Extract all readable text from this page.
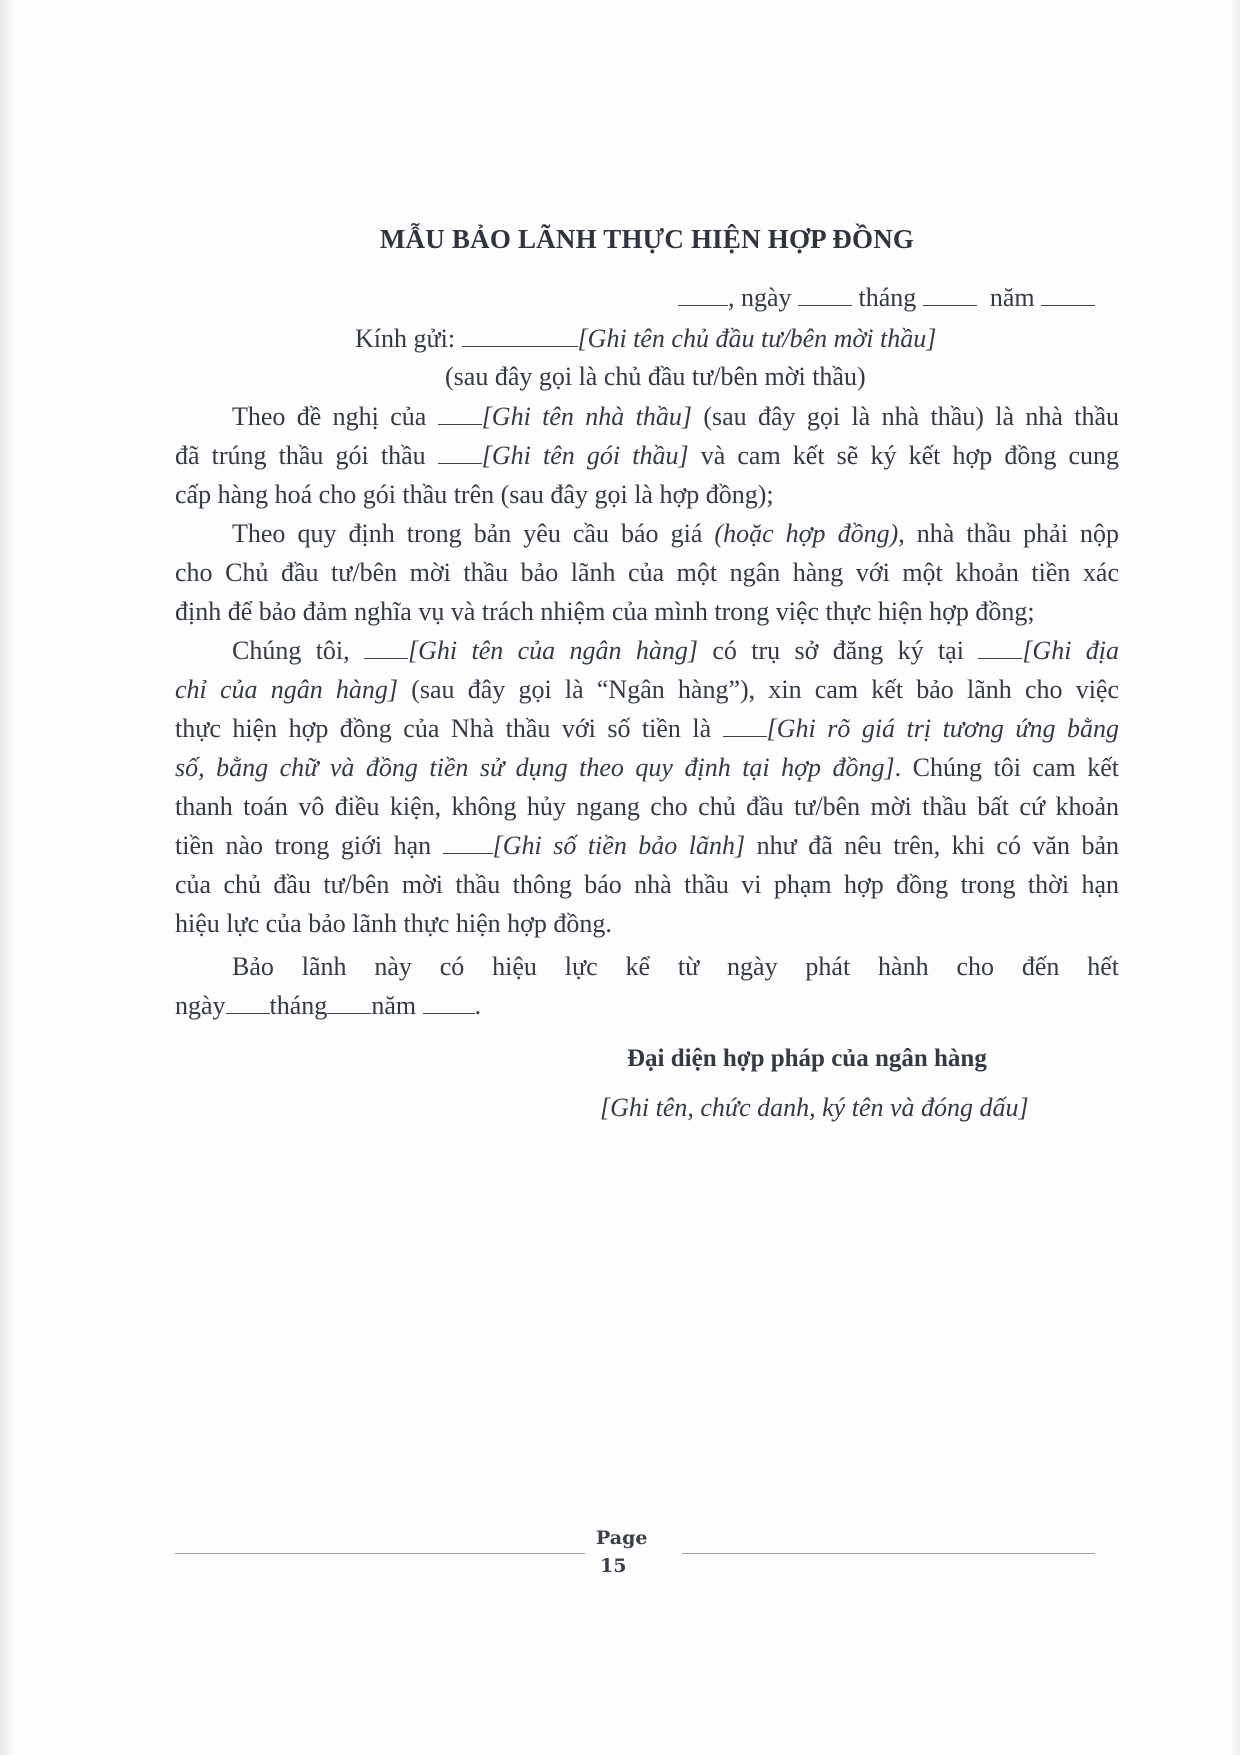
MẪU BẢO LÃNH THỰC HIỆN HỢP ĐỒNG
, ngày	tháng	năm
Kính gửi:	[Ghi tên chủ đầu tư/bên mời thầu]
(sau đây gọi là chủ đầu tư/bên mời thầu)
Theo đề nghị của [Ghi tên nhà thầu] (sau đây gọi là nhà thầu) là nhà thầu
đã trúng thầu gói thầu [Ghi tên gói thầu] và cam kết sẽ ký kết hợp đồng cung
cấp hàng hoá cho gói thầu trên (sau đây gọi là hợp đồng);
Theo quy định trong bản yêu cầu báo giá (hoặc hợp đồng), nhà thầu phải nộp
cho Chủ đầu tư/bên mời thầu bảo lãnh của một ngân hàng với một khoản tiền xác
định để bảo đảm nghĩa vụ và trách nhiệm của mình trong việc thực hiện hợp đồng;
Chúng tôi, [Ghi tên của ngân hàng] có trụ sở đăng ký tại [Ghi địa
chỉ của ngân hàng] (sau đây gọi là “Ngân hàng”), xin cam kết bảo lãnh cho việc
thực hiện hợp đồng của Nhà thầu với số tiền là [Ghi rõ giá trị tương ứng bằng
số, bằng chữ và đồng tiền sử dụng theo quy định tại hợp đồng]. Chúng tôi cam kết
thanh toán vô điều kiện, không hủy ngang cho chủ đầu tư/bên mời thầu bất cứ khoản
tiền nào trong giới hạn [Ghi số tiền bảo lãnh] như đã nêu trên, khi có văn bản
của chủ đầu tư/bên mời thầu thông báo nhà thầu vi phạm hợp đồng trong thời hạn
hiệu lực của bảo lãnh thực hiện hợp đồng.
Bảo lãnh này có hiệu lực kể từ ngày phát hành cho đến hết
ngày tháng năm .
Đại diện hợp pháp của ngân hàng
[Ghi tên, chức danh, ký tên và đóng dấu]
Page
15
